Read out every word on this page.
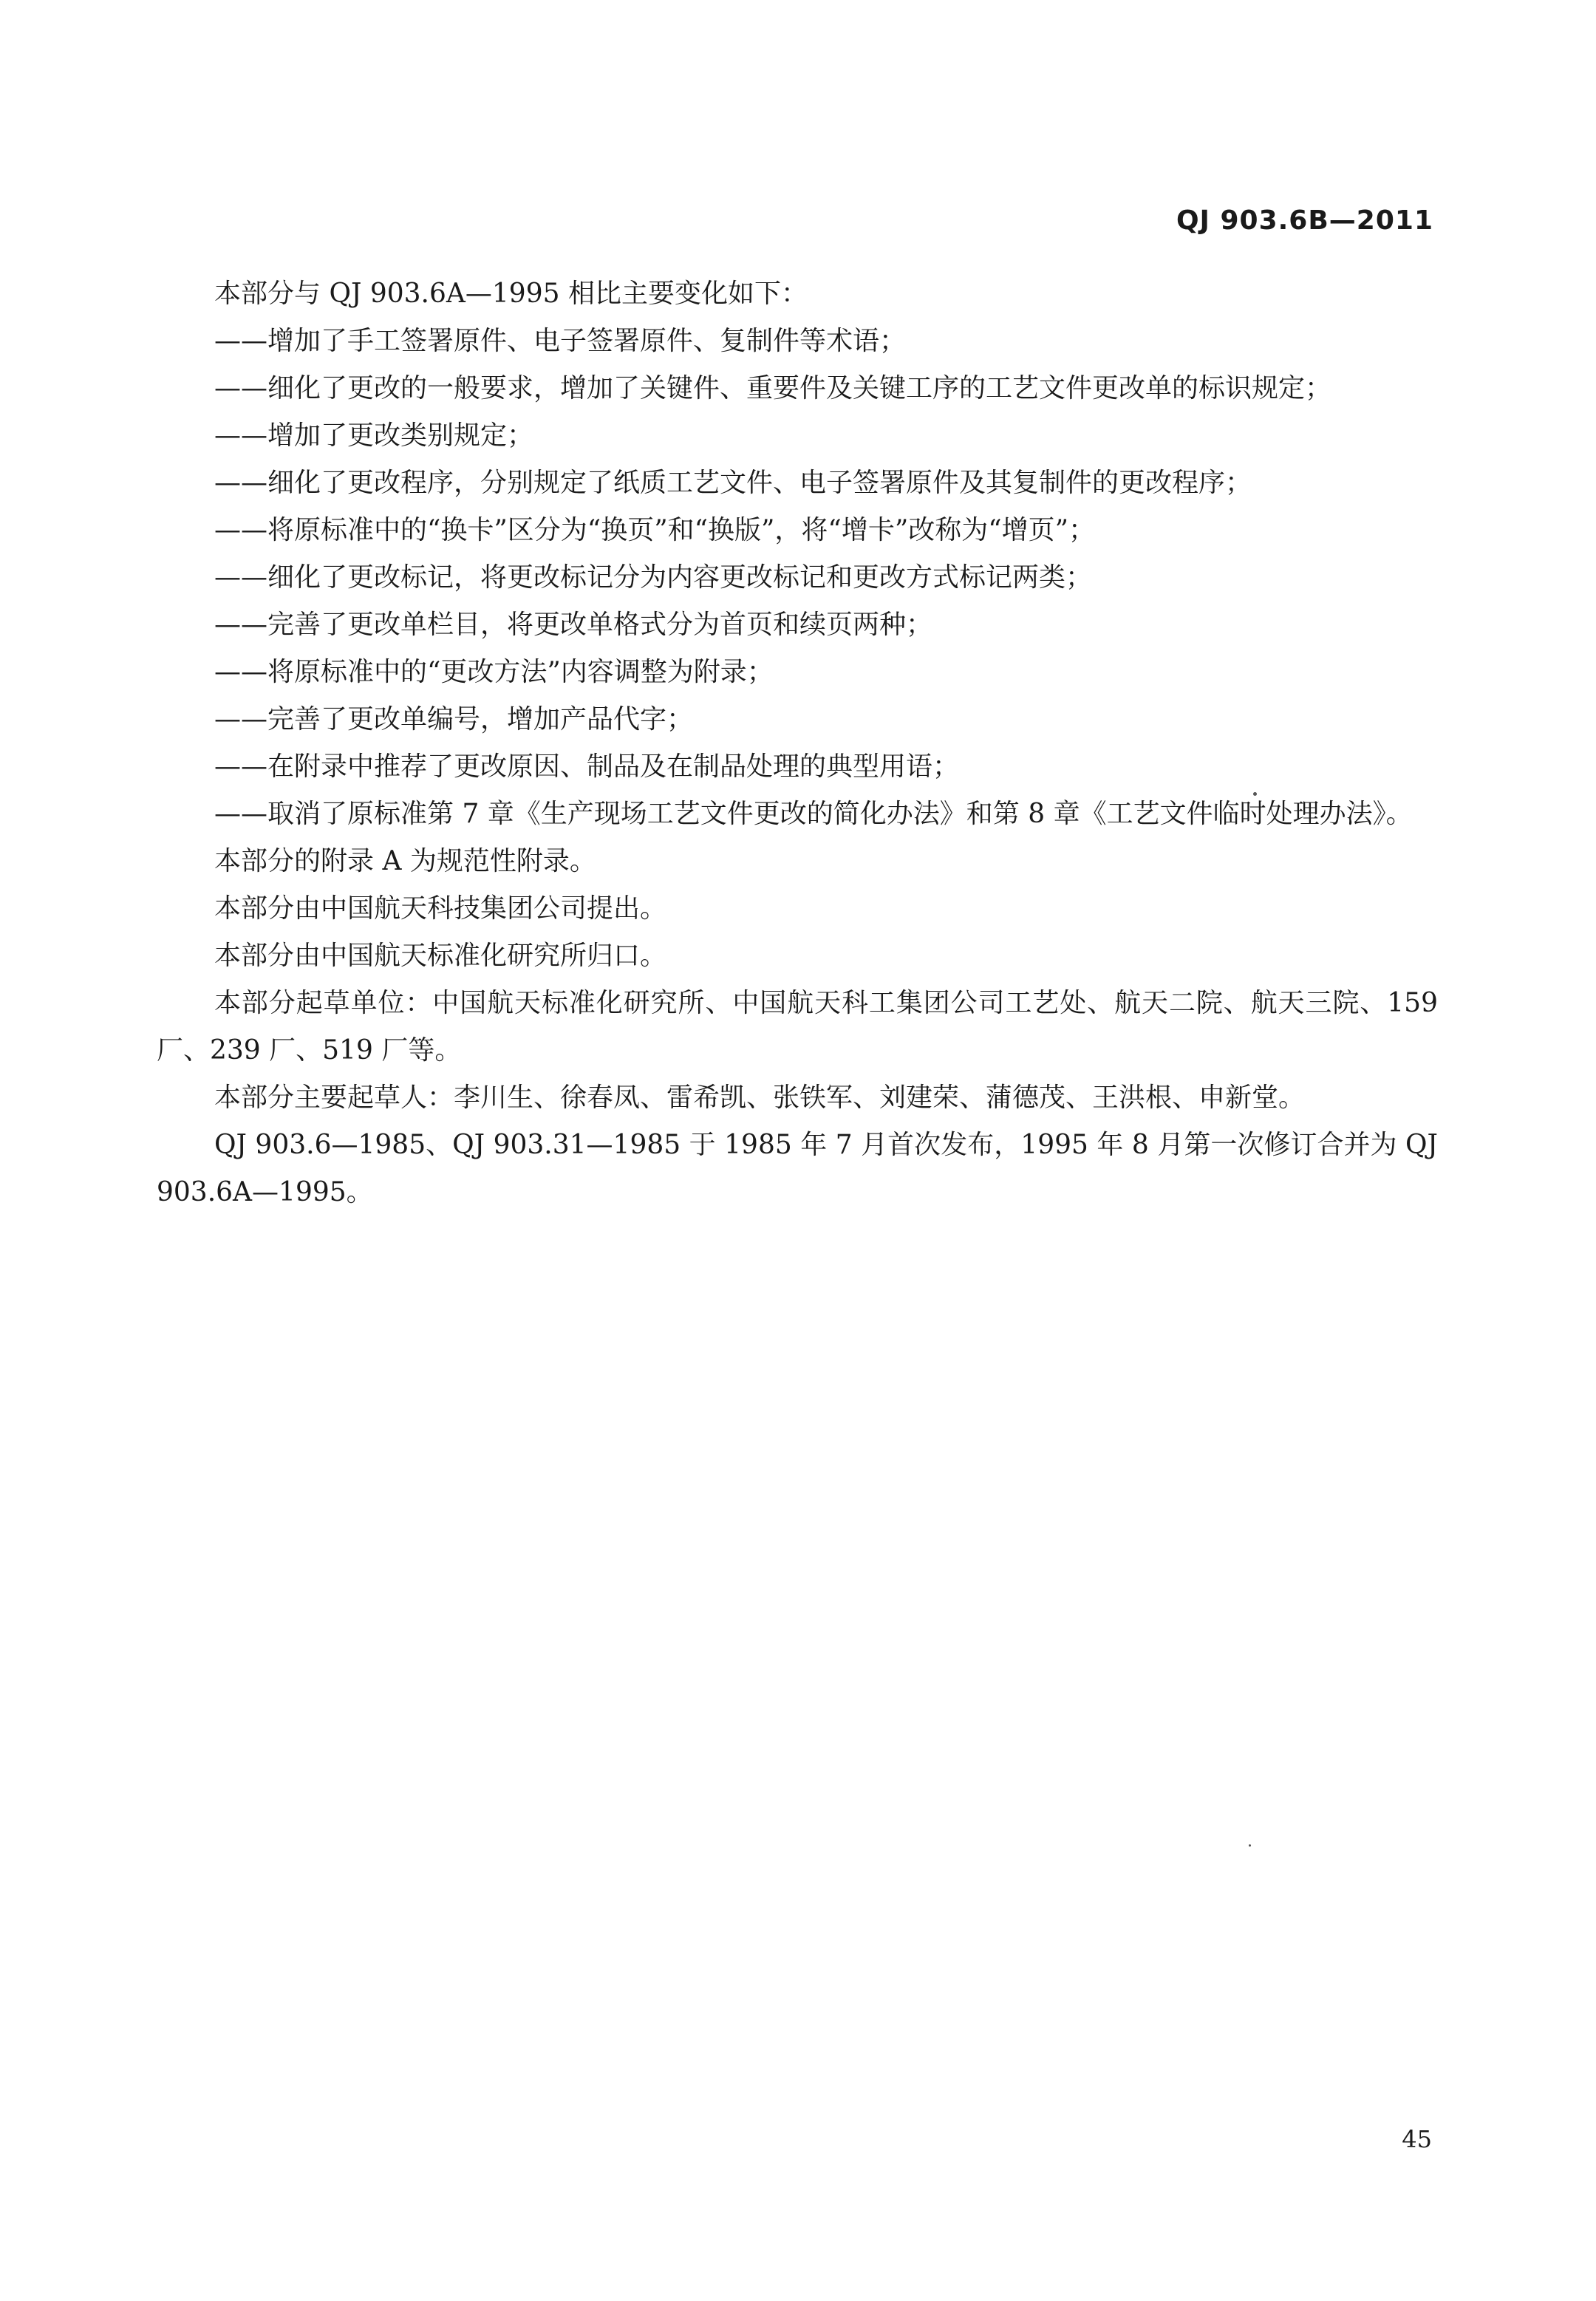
QJ 903.6B—2011

本部分与 QJ 903.6A—1995 相比主要变化如下：

——增加了手工签署原件、电子签署原件、复制件等术语；

——细化了更改的一般要求，增加了关键件、重要件及关键工序的工艺文件更改单的标识规定；

——增加了更改类别规定；

——细化了更改程序，分别规定了纸质工艺文件、电子签署原件及其复制件的更改程序；

——将原标准中的“换卡”区分为“换页”和“换版”，将“增卡”改称为“增页”；

——细化了更改标记，将更改标记分为内容更改标记和更改方式标记两类；

——完善了更改单栏目，将更改单格式分为首页和续页两种；

——将原标准中的“更改方法”内容调整为附录；

——完善了更改单编号，增加产品代字；

——在附录中推荐了更改原因、制品及在制品处理的典型用语；

——取消了原标准第 7 章《生产现场工艺文件更改的简化办法》和第 8 章《工艺文件临时处理办法》。

本部分的附录 A 为规范性附录。

本部分由中国航天科技集团公司提出。

本部分由中国航天标准化研究所归口。

本部分起草单位：中国航天标准化研究所、中国航天科工集团公司工艺处、航天二院、航天三院、159 厂、239 厂、519 厂等。

本部分主要起草人：李川生、徐春凤、雷希凯、张铁军、刘建荣、蒲德茂、王洪根、申新堂。

QJ 903.6—1985、QJ 903.31—1985 于 1985 年 7 月首次发布，1995 年 8 月第一次修订合并为 QJ 903.6A—1995。

45
